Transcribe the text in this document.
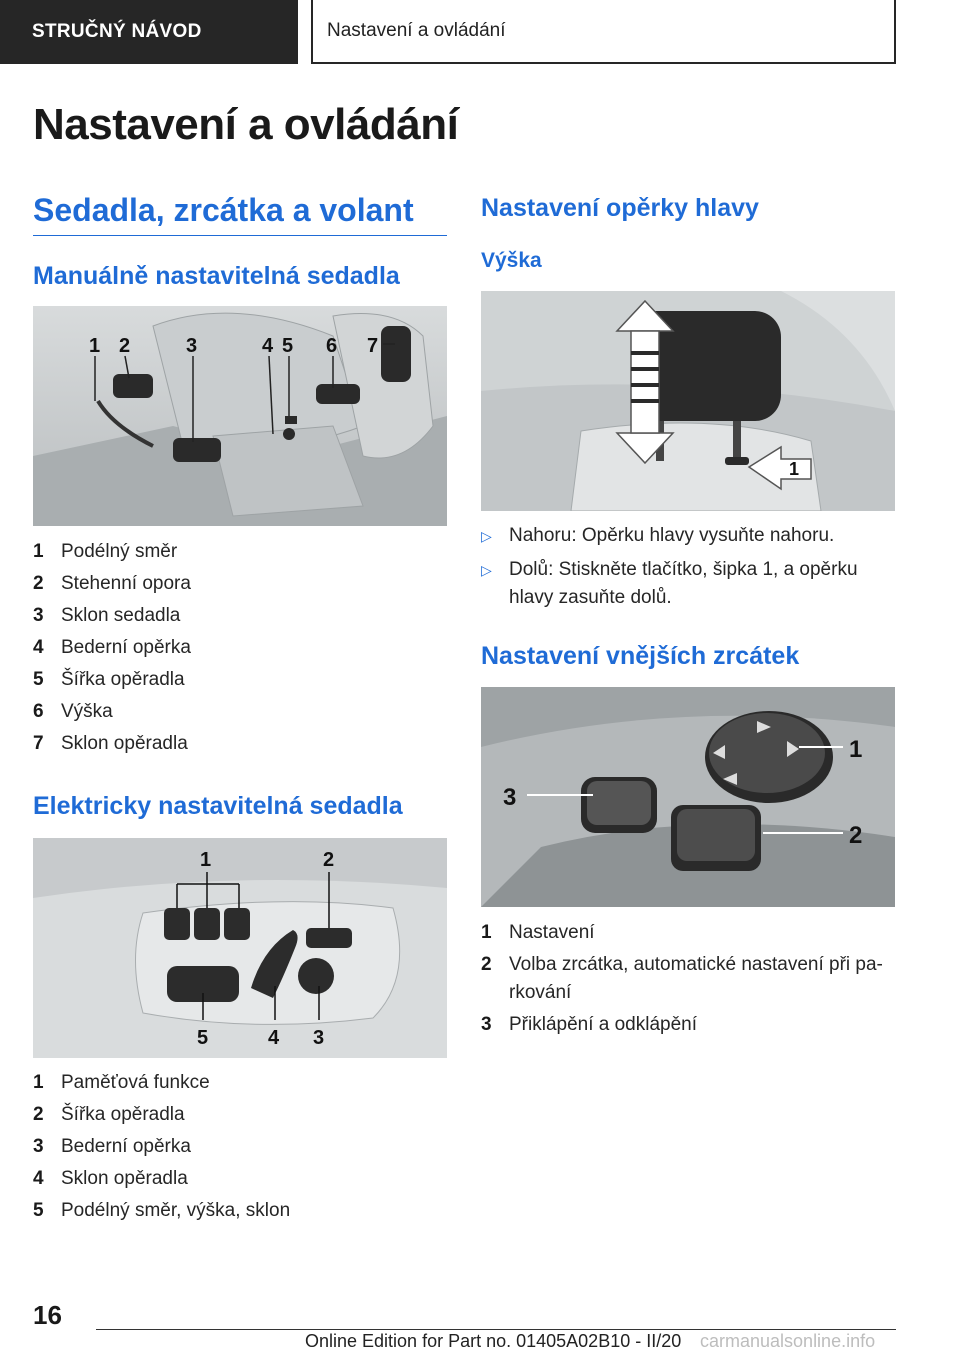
STRUČNÝ NÁVOD	Nastavení a ovládání
Nastavení a ovládání
Sedadla, zrcátka a volant
Manuálně nastavitelná sedadla
1 2	3	4 5 6 7
1 Podélný směr
2 Stehenní opora
3 Sklon sedadla
4 Bederní opěrka
5 Šířka opěradla
6 Výška
7 Sklon opěradla
Elektricky nastavitelná sedadla
1	2
3
4
5
1 Paměťová funkce
2 Šířka opěradla
3 Bederní opěrka
4 Sklon opěradla
5 Podélný směr, výška, sklon
Nastavení opěrky hlavy
Výška
1
▷ Nahoru: Opěrku hlavy vysuňte nahoru.
▷ Dolů: Stiskněte tlačítko, šipka 1, a opěrku hlavy zasuňte dolů.
Nastavení vnějších zrcátek
1
2
3
1 Nastavení
2 Volba zrcátka, automatické nastavení při pa-rkování
3 Přiklápění a odklápění
16
Online Edition for Part no. 01405A02B10 - II/20 carmanualsonline.info
